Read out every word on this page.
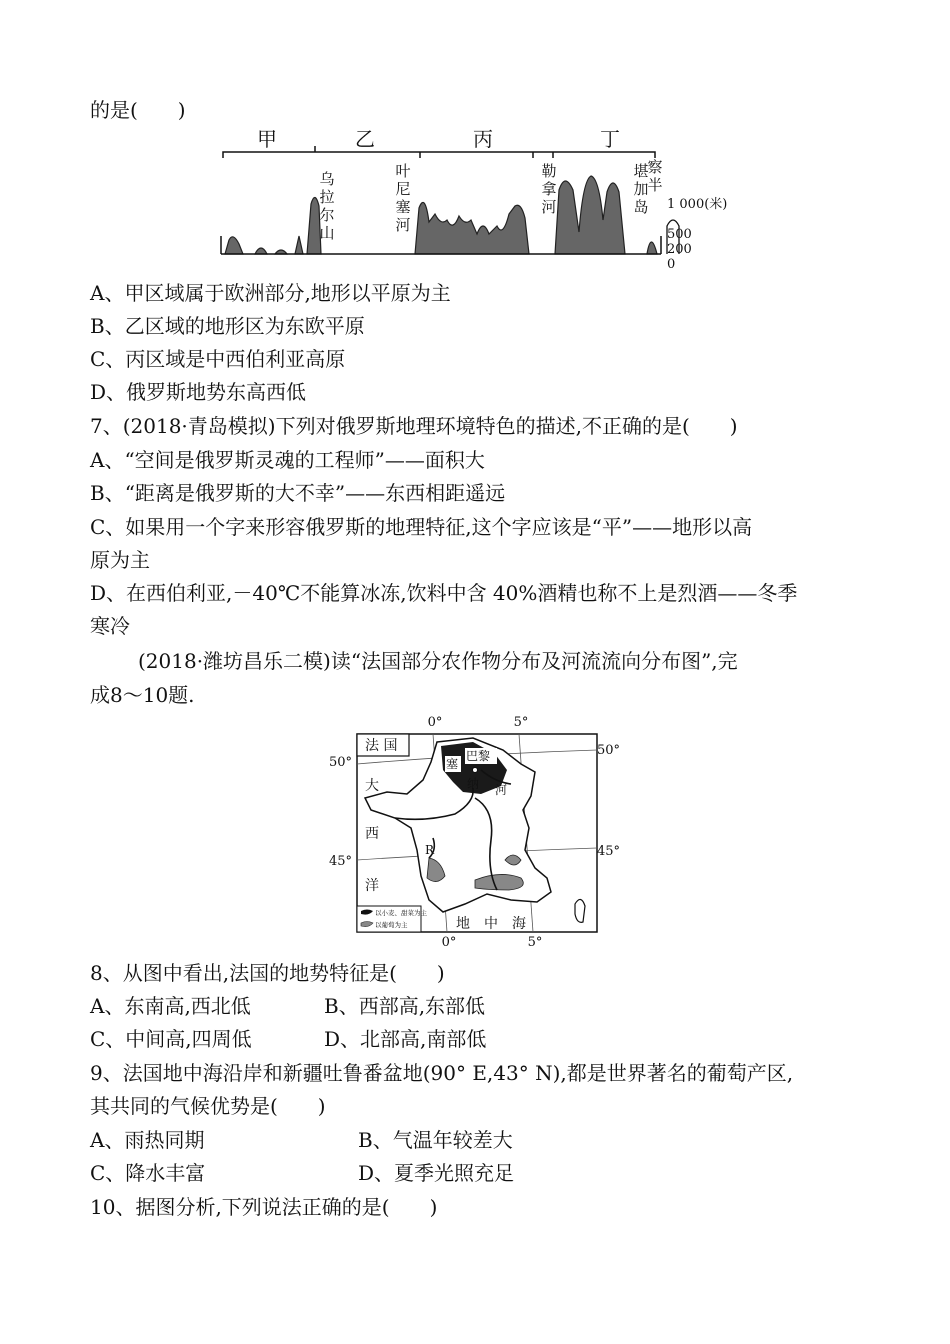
的是(　　)
甲	乙	丙	丁
乌拉尔山
叶尼塞河
勒拿河
察
半
堪
加
岛 1 000(米)
500
200
0
A、甲区域属于欧洲部分,地形以平原为主
B、乙区域的地形区为东欧平原
C、丙区域是中西伯利亚高原
D、俄罗斯地势东高西低
7、(2018·青岛模拟)下列对俄罗斯地理环境特色的描述,不正确的是(　　)
A、“空间是俄罗斯灵魂的工程师”——面积大
B、“距离是俄罗斯的大不幸”——东西相距遥远
C、如果用一个字来形容俄罗斯的地理特征,这个字应该是“平”——地形以高
原为主
D、在西伯利亚,－40℃不能算冰冻,饮料中含 40%酒精也称不上是烈酒——冬季
寒冷
(2018·潍坊昌乐二模)读“法国部分农作物分布及河流流向分布图”,完
成8～10题.
0°	5°
0°	5°
50°
45°
50°
45°
法 国
大
西
洋
地　中　海
塞
巴黎
纳 河
R
以小麦、甜菜为主
以葡萄为主
8、从图中看出,法国的地势特征是(　　)
A、东南高,西北低	B、西部高,东部低
C、中间高,四周低	D、北部高,南部低
9、法国地中海沿岸和新疆吐鲁番盆地(90° E,43° N),都是世界著名的葡萄产区,
其共同的气候优势是(　　)
A、雨热同期	B、气温年较差大
C、降水丰富	D、夏季光照充足
10、据图分析,下列说法正确的是(　　)
